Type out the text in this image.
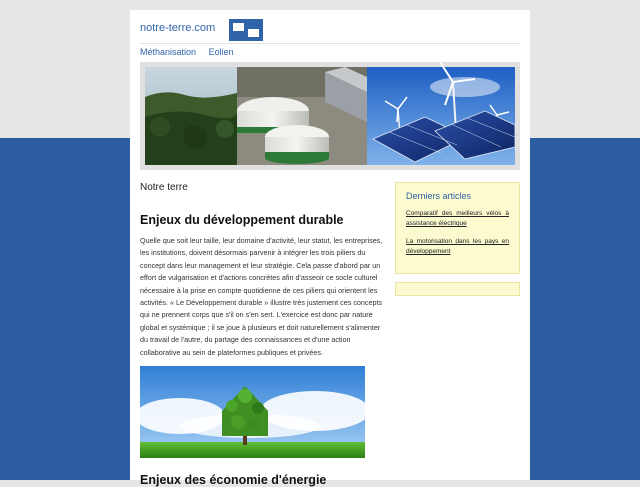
notre-terre.com
Méthanisation Eolien

Notre terre

Enjeux du développement durable

Quelle que soit leur taille, leur domaine d'activité, leur statut, les entreprises, les institutions, doivent désormais parvenir à intégrer les trois piliers du concept dans leur management et leur stratégie. Cela passe d'abord par un effort de vulgarisation et d'actions concrètes afin d'asseoir ce socle culturel nécessaire à la prise en compte quotidienne de ces piliers qui orientent les activités. « Le Développement durable » illustre très justement ces concepts qui ne prennent corps que s'il on s'en sert. L'exercice est donc par nature global et systémique ; il se joue à plusieurs et doit naturellement s'alimenter du travail de l'autre, du partage des connaissances et d'une action collaborative au sein de plateformes publiques et privées.

Enjeux des économie d'énergie

Derniers articles

Comparatif des meilleurs vélos à assistance électrique
La motorisation dans les pays en développement
